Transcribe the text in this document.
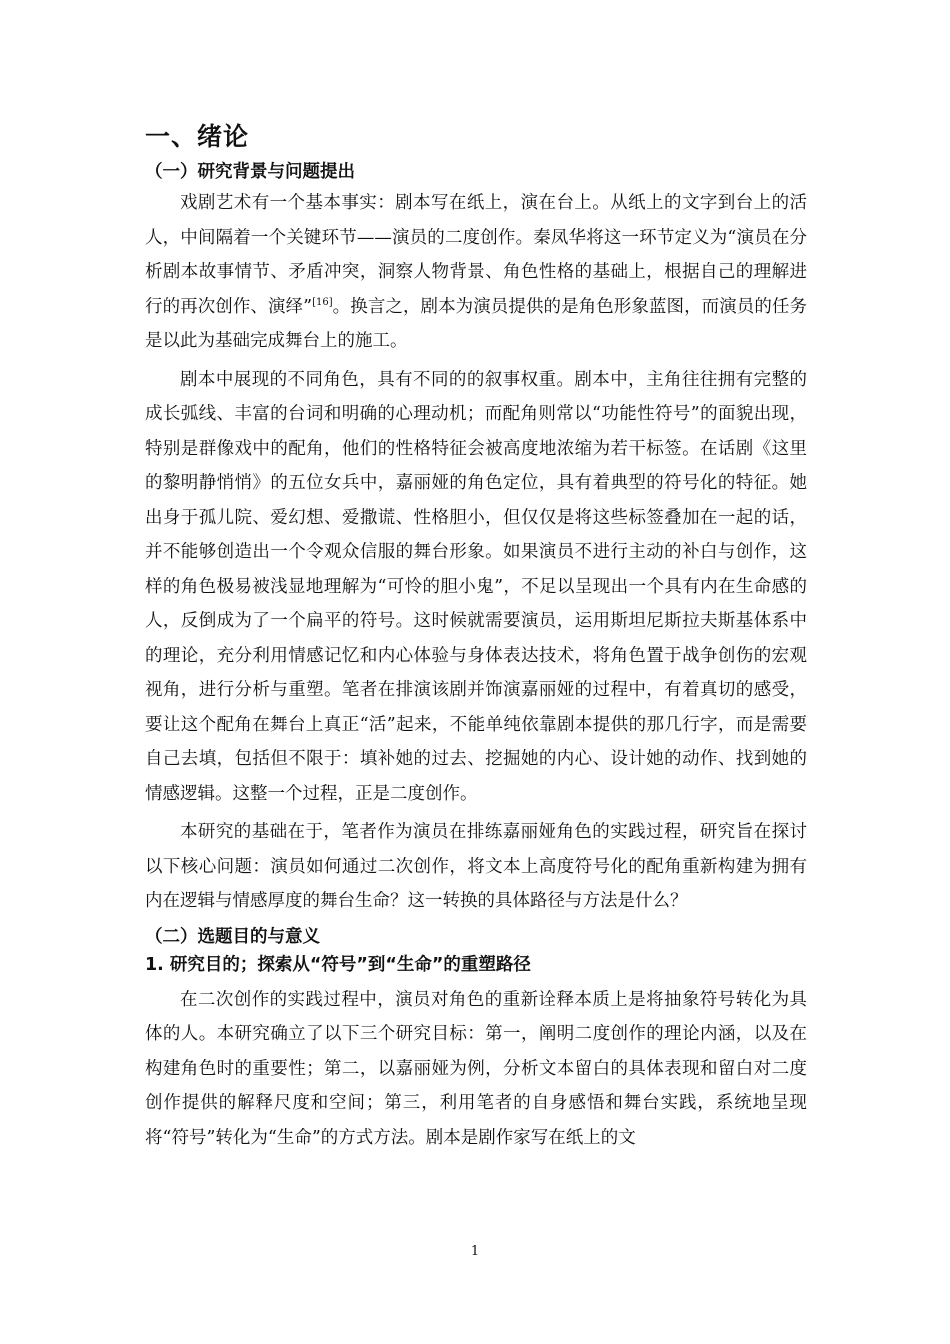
一、绪论
（一）研究背景与问题提出

戏剧艺术有一个基本事实：剧本写在纸上，演在台上。从纸上的文字到台上的活人，中间隔着一个关键环节——演员的二度创作。秦凤华将这一环节定义为“演员在分析剧本故事情节、矛盾冲突，洞察人物背景、角色性格的基础上，根据自己的理解进行的再次创作、演绎”[16]。换言之，剧本为演员提供的是角色形象蓝图，而演员的任务是以此为基础完成舞台上的施工。

剧本中展现的不同角色，具有不同的的叙事权重。剧本中，主角往往拥有完整的成长弧线、丰富的台词和明确的心理动机；而配角则常以“功能性符号”的面貌出现，特别是群像戏中的配角，他们的性格特征会被高度地浓缩为若干标签。在话剧《这里的黎明静悄悄》的五位女兵中，嘉丽娅的角色定位，具有着典型的符号化的特征。她出身于孤儿院、爱幻想、爱撒谎、性格胆小，但仅仅是将这些标签叠加在一起的话，并不能够创造出一个令观众信服的舞台形象。如果演员不进行主动的补白与创作，这样的角色极易被浅显地理解为“可怜的胆小鬼”，不足以呈现出一个具有内在生命感的人，反倒成为了一个扁平的符号。这时候就需要演员，运用斯坦尼斯拉夫斯基体系中的理论，充分利用情感记忆和内心体验与身体表达技术，将角色置于战争创伤的宏观视角，进行分析与重塑。笔者在排演该剧并饰演嘉丽娅的过程中，有着真切的感受，要让这个配角在舞台上真正“活”起来，不能单纯依靠剧本提供的那几行字，而是需要自己去填，包括但不限于：填补她的过去、挖掘她的内心、设计她的动作、找到她的情感逻辑。这整一个过程，正是二度创作。

本研究的基础在于，笔者作为演员在排练嘉丽娅角色的实践过程，研究旨在探讨以下核心问题：演员如何通过二次创作，将文本上高度符号化的配角重新构建为拥有内在逻辑与情感厚度的舞台生命？这一转换的具体路径与方法是什么？

（二）选题目的与意义
1. 研究目的；探索从“符号”到“生命”的重塑路径

在二次创作的实践过程中，演员对角色的重新诠释本质上是将抽象符号转化为具体的人。本研究确立了以下三个研究目标：第一，阐明二度创作的理论内涵，以及在构建角色时的重要性；第二，以嘉丽娅为例，分析文本留白的具体表现和留白对二度创作提供的解释尺度和空间；第三，利用笔者的自身感悟和舞台实践，系统地呈现将“符号”转化为“生命”的方式方法。剧本是剧作家写在纸上的文

1
